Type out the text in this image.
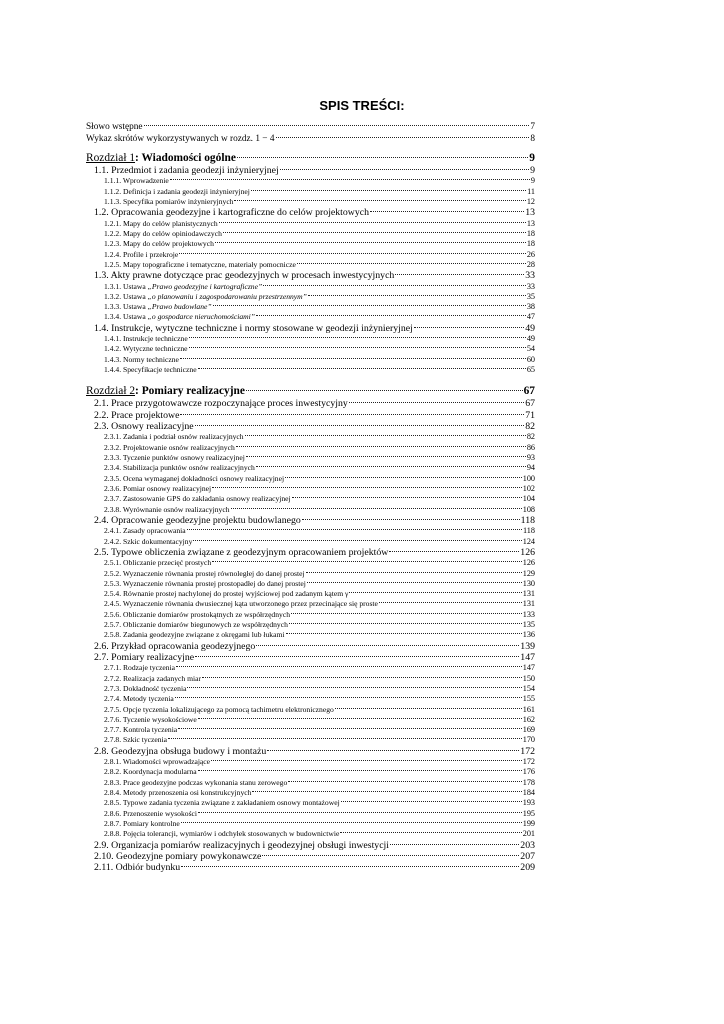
SPIS TREŚCI:
Słowo wstępne	7
Wykaz skrótów wykorzystywanych w rozdz. 1 − 4	8
Rozdział 1: Wiadomości ogólne	9
1.1. Przedmiot i zadania geodezji inżynieryjnej	9
1.1.1. Wprowadzenie	9
1.1.2. Definicja i zadania geodezji inżynieryjnej	11
1.1.3. Specyfika pomiarów inżynieryjnych	12
1.2. Opracowania geodezyjne i kartograficzne do celów projektowych	13
1.2.1. Mapy do celów planistycznych	13
1.2.2. Mapy do celów opiniodawczych	18
1.2.3. Mapy do celów projektowych	18
1.2.4. Profile i przekroje	26
1.2.5. Mapy topograficzne i tematyczne, materiały pomocnicze	28
1.3. Akty prawne dotyczące prac geodezyjnych w procesach inwestycyjnych	33
1.3.1. Ustawa „Prawo geodezyjne i kartograficzne”	33
1.3.2. Ustawa „o planowaniu i zagospodarowaniu przestrzennym”	35
1.3.3. Ustawa „Prawo budowlane”	38
1.3.4. Ustawa „o gospodarce nieruchomościami”	47
1.4. Instrukcje, wytyczne techniczne i normy stosowane w geodezji inżynieryjnej	49
1.4.1. Instrukcje techniczne	49
1.4.2. Wytyczne techniczne	54
1.4.3. Normy techniczne	60
1.4.4. Specyfikacje techniczne	65
Rozdział 2: Pomiary realizacyjne	67
2.1. Prace przygotowawcze rozpoczynające proces inwestycyjny	67
2.2. Prace projektowe	71
2.3. Osnowy realizacyjne	82
2.3.1. Zadania i podział osnów realizacyjnych	82
2.3.2. Projektowanie osnów realizacyjnych	86
2.3.3. Tyczenie punktów osnowy realizacyjnej	93
2.3.4. Stabilizacja punktów osnów realizacyjnych	94
2.3.5. Ocena wymaganej dokładności osnowy realizacyjnej	100
2.3.6. Pomiar osnowy realizacyjnej	102
2.3.7. Zastosowanie GPS do zakładania osnowy realizacyjnej	104
2.3.8. Wyrównanie osnów realizacyjnych	108
2.4. Opracowanie geodezyjne projektu budowlanego	118
2.4.1. Zasady opracowania	118
2.4.2. Szkic dokumentacyjny	124
2.5. Typowe obliczenia związane z geodezyjnym opracowaniem projektów	126
2.5.1. Obliczanie przecięć prostych	126
2.5.2. Wyznaczenie równania prostej równoległej do danej prostej	129
2.5.3. Wyznaczenie równania prostej prostopadłej do danej prostej	130
2.5.4. Równanie prostej nachylonej do prostej wyjściowej pod zadanym kątem γ	131
2.4.5. Wyznaczenie równania dwusiecznej kąta utworzonego przez przecinające się proste	131
2.5.6. Obliczanie domiarów prostokątnych ze współrzędnych	133
2.5.7. Obliczanie domiarów biegunowych ze współrzędnych	135
2.5.8. Zadania geodezyjne związane z okręgami lub łukami	136
2.6. Przykład opracowania geodezyjnego	139
2.7. Pomiary realizacyjne	147
2.7.1. Rodzaje tyczenia	147
2.7.2. Realizacja zadanych miar	150
2.7.3. Dokładność tyczenia	154
2.7.4. Metody tyczenia	155
2.7.5. Opcje tyczenia lokalizującego za pomocą tachimetru elektronicznego	161
2.7.6. Tyczenie wysokościowe	162
2.7.7. Kontrola tyczenia	169
2.7.8. Szkic tyczenia	170
2.8. Geodezyjna obsługa budowy i montażu	172
2.8.1. Wiadomości wprowadzające	172
2.8.2. Koordynacja modularna	176
2.8.3. Prace geodezyjne podczas wykonania stanu zerowego	178
2.8.4. Metody przenoszenia osi konstrukcyjnych	184
2.8.5. Typowe zadania tyczenia związane z zakładaniem osnowy montażowej	193
2.8.6. Przenoszenie wysokości	195
2.8.7. Pomiary kontrolne	199
2.8.8. Pojęcia tolerancji, wymiarów i odchyłek stosowanych w budownictwie	201
2.9. Organizacja pomiarów realizacyjnych i geodezyjnej obsługi inwestycji	203
2.10. Geodezyjne pomiary powykonawcze	207
2.11. Odbiór budynku	209
